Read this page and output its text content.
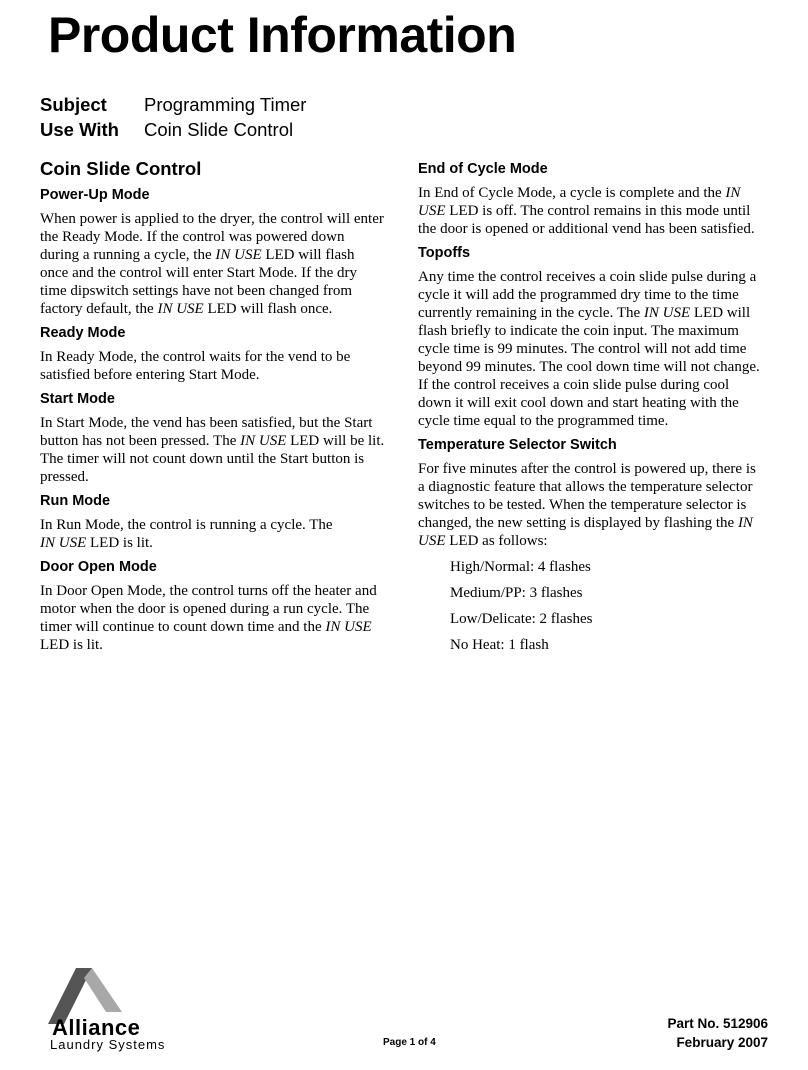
Product Information
Subject	Programming Timer
Use With	Coin Slide Control
Coin Slide Control
Power-Up Mode

When power is applied to the dryer, the control will enter the Ready Mode. If the control was powered down during a running a cycle, the IN USE LED will flash once and the control will enter Start Mode. If the dry time dipswitch settings have not been changed from factory default, the IN USE LED will flash once.

Ready Mode

In Ready Mode, the control waits for the vend to be satisfied before entering Start Mode.

Start Mode

In Start Mode, the vend has been satisfied, but the Start button has not been pressed. The IN USE LED will be lit. The timer will not count down until the Start button is pressed.

Run Mode

In Run Mode, the control is running a cycle. The
IN USE LED is lit.

Door Open Mode

In Door Open Mode, the control turns off the heater and motor when the door is opened during a run cycle. The timer will continue to count down time and the IN USE LED is lit.

End of Cycle Mode

In End of Cycle Mode, a cycle is complete and the IN USE LED is off. The control remains in this mode until the door is opened or additional vend has been satisfied.

Topoffs

Any time the control receives a coin slide pulse during a cycle it will add the programmed dry time to the time currently remaining in the cycle. The IN USE LED will flash briefly to indicate the coin input. The maximum cycle time is 99 minutes. The control will not add time beyond 99 minutes. The cool down time will not change. If the control receives a coin slide pulse during cool down it will exit cool down and start heating with the cycle time equal to the programmed time.

Temperature Selector Switch

For five minutes after the control is powered up, there is a diagnostic feature that allows the temperature selector switches to be tested. When the temperature selector is changed, the new setting is displayed by flashing the IN USE LED as follows:

High/Normal: 4 flashes
Medium/PP: 3 flashes
Low/Delicate: 2 flashes
No Heat: 1 flash
Alliance
Laundry Systems	Page 1 of 4
Part No. 512906
February 2007
